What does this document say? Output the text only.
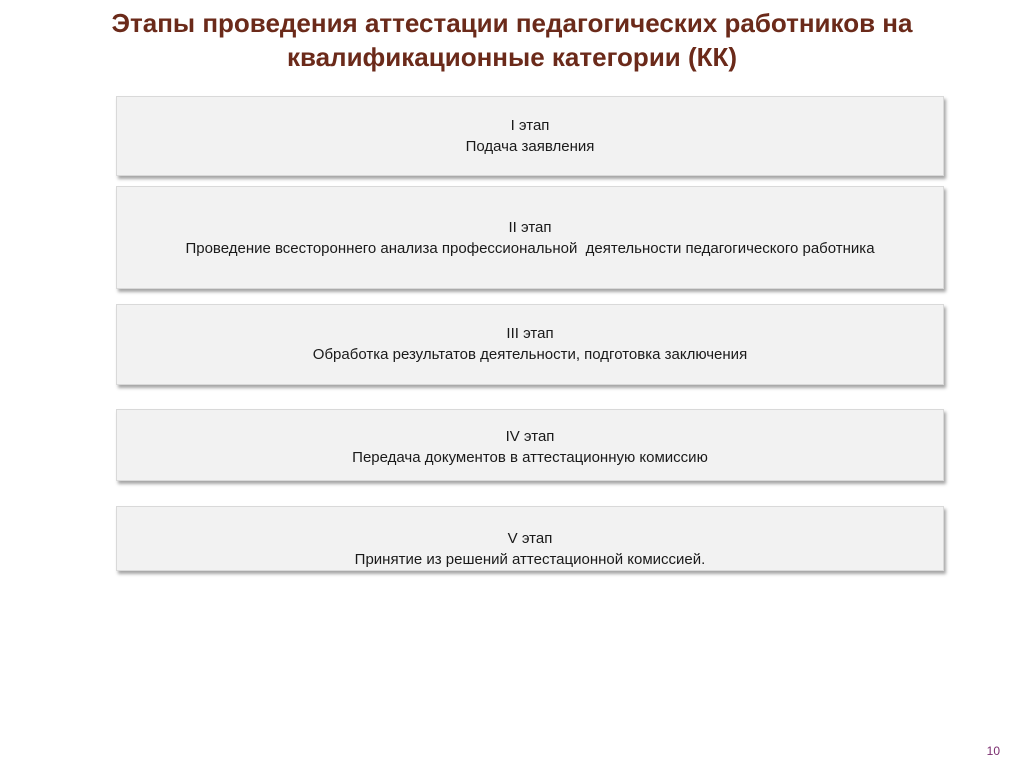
Этапы проведения аттестации педагогических работников на
квалификационные категории (КК)
I этап
Подача заявления
II этап
Проведение всестороннего анализа профессиональной  деятельности педагогического работника
III этап
Обработка результатов деятельности, подготовка заключения
IV этап
Передача документов в аттестационную комиссию
V этап
Принятие из решений аттестационной комиссией.
10
